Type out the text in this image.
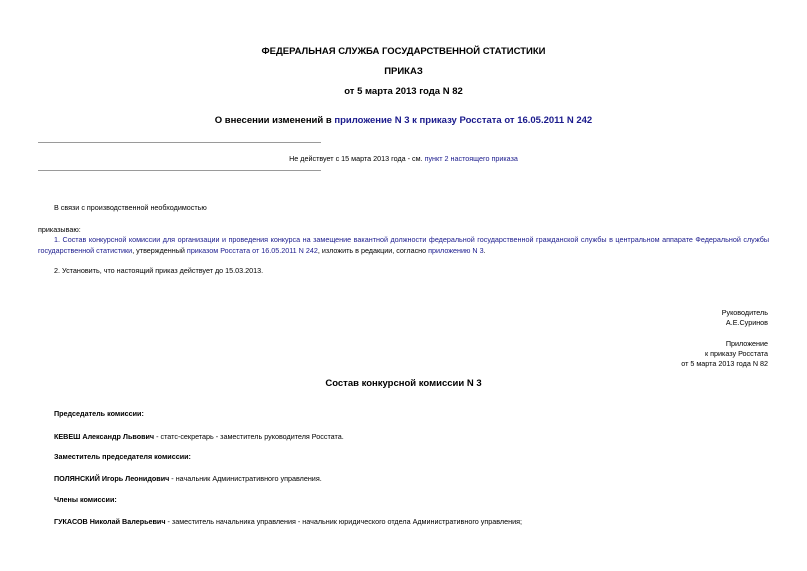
ФЕДЕРАЛЬНАЯ СЛУЖБА ГОСУДАРСТВЕННОЙ СТАТИСТИКИ
ПРИКАЗ
от 5 марта 2013 года N 82
О внесении изменений в приложение N 3 к приказу Росстата от 16.05.2011 N 242
Не действует с 15 марта 2013 года - см. пункт 2 настоящего приказа
В связи с производственной необходимостью
приказываю:
1. Состав конкурсной комиссии для организации и проведения конкурса на замещение вакантной должности федеральной государственной гражданской службы в центральном аппарате Федеральной службы государственной статистики, утвержденный приказом Росстата от 16.05.2011 N 242, изложить в редакции, согласно приложению N 3.
2. Установить, что настоящий приказ действует до 15.03.2013.
Руководитель
А.Е.Суринов
Приложение
к приказу Росстата
от 5 марта 2013 года N 82
Состав конкурсной комиссии N 3
Председатель комиссии:
КЕВЕШ Александр Львович - статс-секретарь - заместитель руководителя Росстата.
Заместитель председателя комиссии:
ПОЛЯНСКИЙ Игорь Леонидович - начальник Административного управления.
Члены комиссии:
ГУКАСОВ Николай Валерьевич - заместитель начальника управления - начальник юридического отдела Административного управления;
